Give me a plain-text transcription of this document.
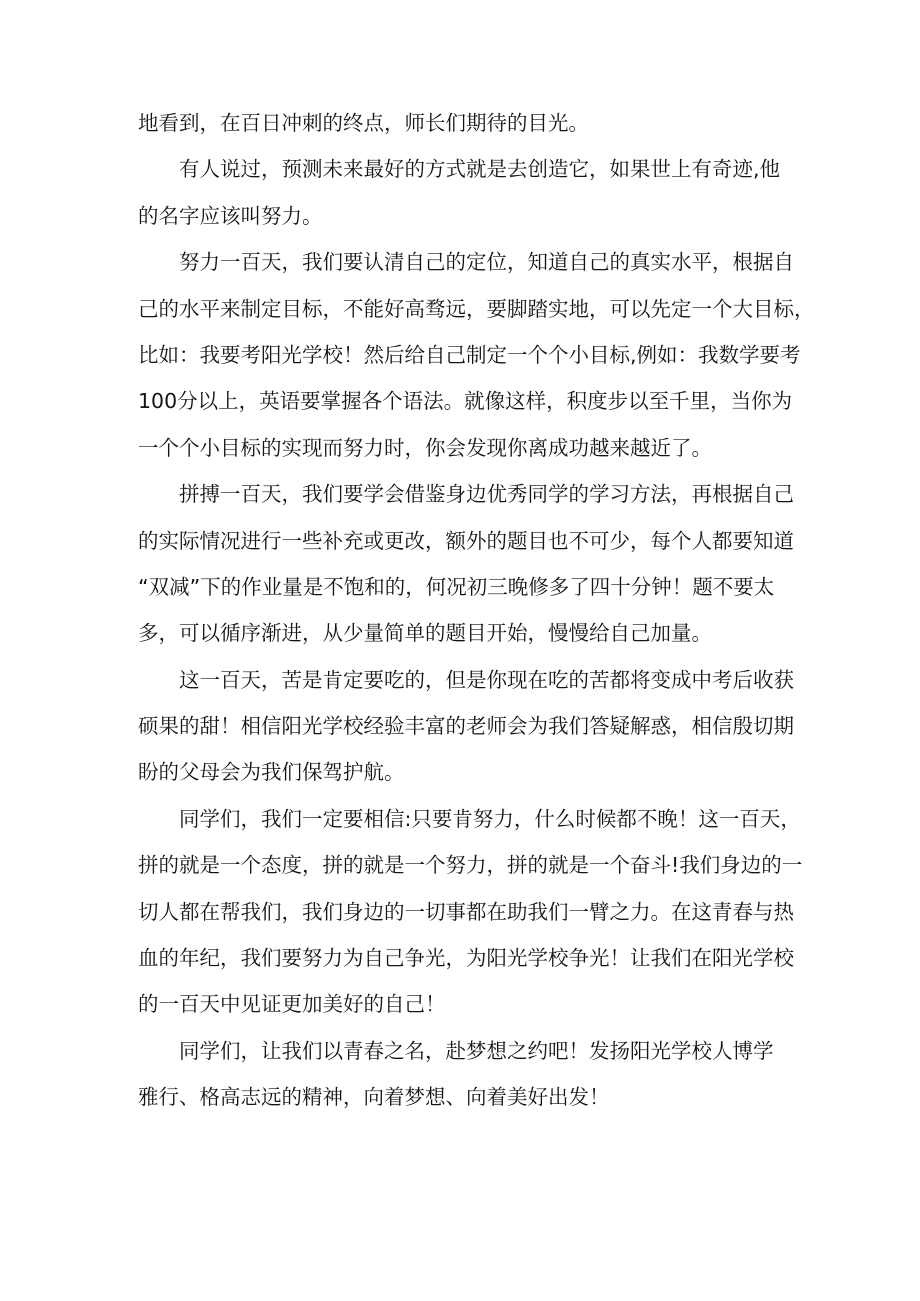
地看到，在百日冲刺的终点，师长们期待的目光。
有人说过，预测未来最好的方式就是去创造它，如果世上有奇迹,他
的名字应该叫努力。
努力一百天，我们要认清自己的定位，知道自己的真实水平，根据自
己的水平来制定目标，不能好高骛远，要脚踏实地，可以先定一个大目标，
比如：我要考阳光学校！然后给自己制定一个个小目标,例如：我数学要考
100分以上，英语要掌握各个语法。就像这样，积度步以至千里，当你为
一个个小目标的实现而努力时，你会发现你离成功越来越近了。
拼搏一百天，我们要学会借鉴身边优秀同学的学习方法，再根据自己
的实际情况进行一些补充或更改，额外的题目也不可少，每个人都要知道
“双减”下的作业量是不饱和的，何况初三晚修多了四十分钟！题不要太
多，可以循序渐进，从少量简单的题目开始，慢慢给自己加量。
这一百天，苦是肯定要吃的，但是你现在吃的苦都将变成中考后收获
硕果的甜！相信阳光学校经验丰富的老师会为我们答疑解惑，相信殷切期
盼的父母会为我们保驾护航。
同学们，我们一定要相信:只要肯努力，什么时候都不晚！这一百天，
拼的就是一个态度，拼的就是一个努力，拼的就是一个奋斗!我们身边的一
切人都在帮我们，我们身边的一切事都在助我们一臂之力。在这青春与热
血的年纪，我们要努力为自己争光，为阳光学校争光！让我们在阳光学校
的一百天中见证更加美好的自己！
同学们，让我们以青春之名，赴梦想之约吧！发扬阳光学校人博学
雅行、格高志远的精神，向着梦想、向着美好出发！
